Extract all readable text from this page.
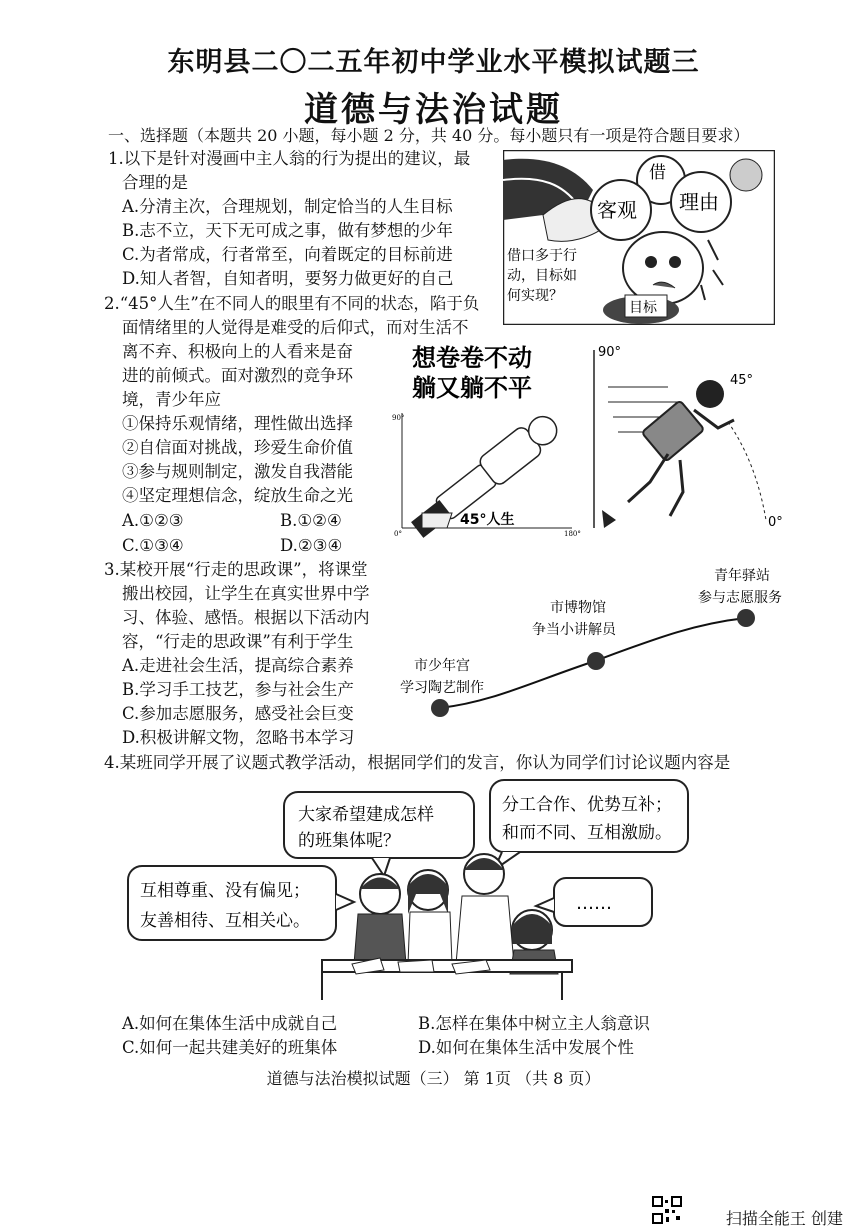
东明县二〇二五年初中学业水平模拟试题三
道德与法治试题
一、选择题（本题共 20 小题，每小题 2 分，共 40 分。每小题只有一项是符合题目要求）
1.以下是针对漫画中主人翁的行为提出的建议，最
合理的是
A.分清主次，合理规划，制定恰当的人生目标
B.志不立，天下无可成之事，做有梦想的少年
C.为者常成，行者常至，向着既定的目标前进
D.知人者智，自知者明，要努力做更好的自己
借
客观 理由
借口多于行
动，目标如
何实现？
目标
2.“45°人生”在不同人的眼里有不同的状态，陷于负
面情绪里的人觉得是难受的后仰式，而对生活不
离不弃、积极向上的人看来是奋
进的前倾式。面对激烈的竞争环
境，青少年应
①保持乐观情绪，理性做出选择
②自信面对挑战，珍爱生命价值
③参与规则制定，激发自我潜能
④坚定理想信念，绽放生命之光
A.①②③	B.①②④
C.①③④	D.②③④
想卷卷不动
躺又躺不平
90°
0°	180°
45°人生
90°
45°
0°
3.某校开展“行走的思政课”，将课堂
搬出校园，让学生在真实世界中学
习、体验、感悟。根据以下活动内
容，“行走的思政课”有利于学生
A.走进社会生活，提高综合素养
B.学习手工技艺，参与社会生产
C.参加志愿服务，感受社会巨变
D.积极讲解文物，忽略书本学习
市少年宫
学习陶艺制作
市博物馆
争当小讲解员
青年驿站
参与志愿服务
4.某班同学开展了议题式教学活动，根据同学们的发言，你认为同学们讨论议题内容是
大家希望建成怎样
的班集体呢？
分工合作、优势互补；
和而不同、互相激励。
互相尊重、没有偏见；
友善相待、互相关心。
……
A.如何在集体生活中成就自己	B.怎样在集体中树立主人翁意识
C.如何一起共建美好的班集体	D.如何在集体生活中发展个性
道德与法治模拟试题（三） 第 1页 （共 8 页）
扫描全能王 创建
